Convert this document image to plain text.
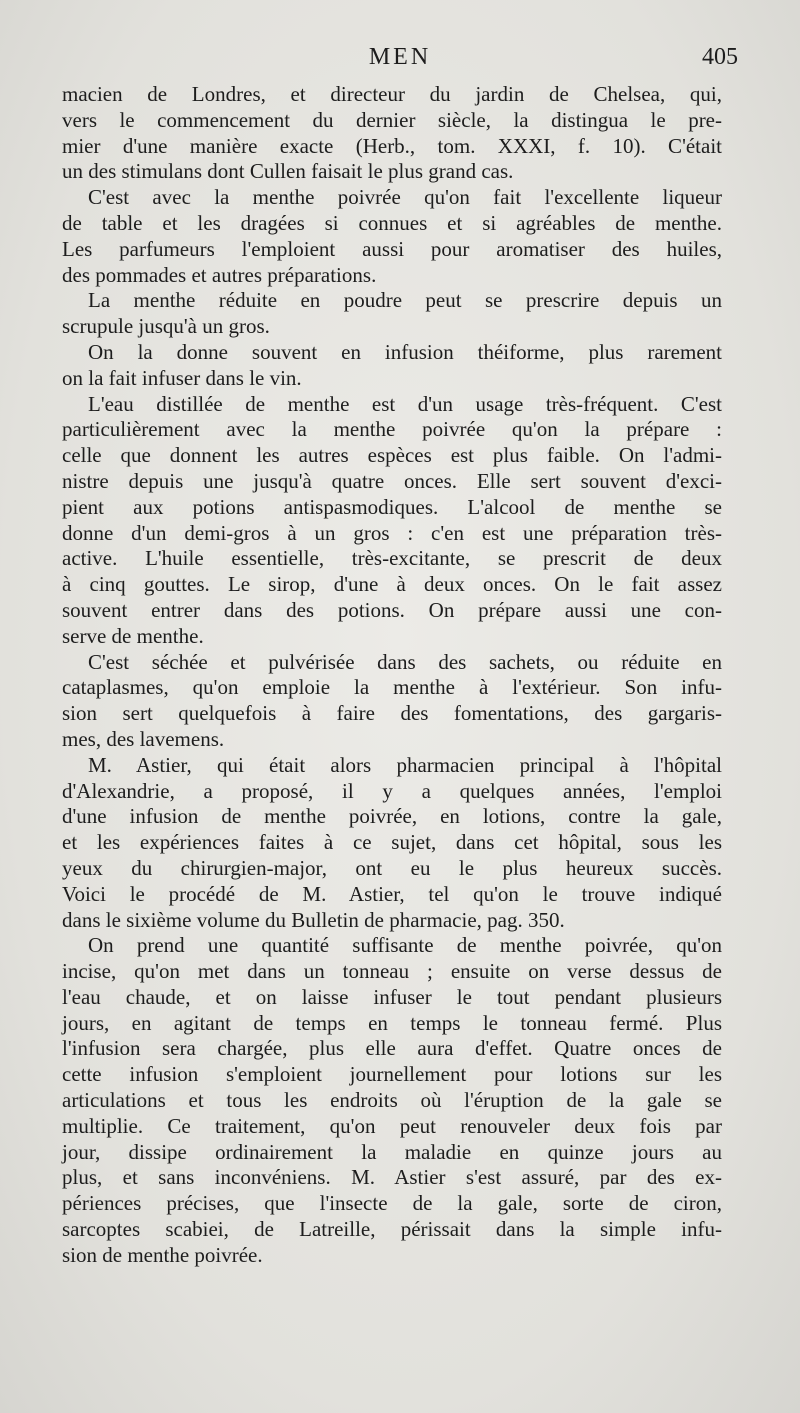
MEN	405
macien de Londres, et directeur du jardin de Chelsea, qui,
vers le commencement du dernier siècle, la distingua le pre-
mier d'une manière exacte (Herb., tom. XXXI, f. 10). C'était
un des stimulans dont Cullen faisait le plus grand cas.
C'est avec la menthe poivrée qu'on fait l'excellente liqueur
de table et les dragées si connues et si agréables de menthe.
Les parfumeurs l'emploient aussi pour aromatiser des huiles,
des pommades et autres préparations.
La menthe réduite en poudre peut se prescrire depuis un
scrupule jusqu'à un gros.
On la donne souvent en infusion théiforme, plus rarement
on la fait infuser dans le vin.
L'eau distillée de menthe est d'un usage très-fréquent. C'est
particulièrement avec la menthe poivrée qu'on la prépare :
celle que donnent les autres espèces est plus faible. On l'admi-
nistre depuis une jusqu'à quatre onces. Elle sert souvent d'exci-
pient aux potions antispasmodiques. L'alcool de menthe se
donne d'un demi-gros à un gros : c'en est une préparation très-
active. L'huile essentielle, très-excitante, se prescrit de deux
à cinq gouttes. Le sirop, d'une à deux onces. On le fait assez
souvent entrer dans des potions. On prépare aussi une con-
serve de menthe.
C'est séchée et pulvérisée dans des sachets, ou réduite en
cataplasmes, qu'on emploie la menthe à l'extérieur. Son infu-
sion sert quelquefois à faire des fomentations, des gargaris-
mes, des lavemens.
M. Astier, qui était alors pharmacien principal à l'hôpital
d'Alexandrie, a proposé, il y a quelques années, l'emploi
d'une infusion de menthe poivrée, en lotions, contre la gale,
et les expériences faites à ce sujet, dans cet hôpital, sous les
yeux du chirurgien-major, ont eu le plus heureux succès.
Voici le procédé de M. Astier, tel qu'on le trouve indiqué
dans le sixième volume du Bulletin de pharmacie, pag. 350.
On prend une quantité suffisante de menthe poivrée, qu'on
incise, qu'on met dans un tonneau ; ensuite on verse dessus de
l'eau chaude, et on laisse infuser le tout pendant plusieurs
jours, en agitant de temps en temps le tonneau fermé. Plus
l'infusion sera chargée, plus elle aura d'effet. Quatre onces de
cette infusion s'emploient journellement pour lotions sur les
articulations et tous les endroits où l'éruption de la gale se
multiplie. Ce traitement, qu'on peut renouveler deux fois par
jour, dissipe ordinairement la maladie en quinze jours au
plus, et sans inconvéniens. M. Astier s'est assuré, par des ex-
périences précises, que l'insecte de la gale, sorte de ciron,
sarcoptes scabiei, de Latreille, périssait dans la simple infu-
sion de menthe poivrée.
